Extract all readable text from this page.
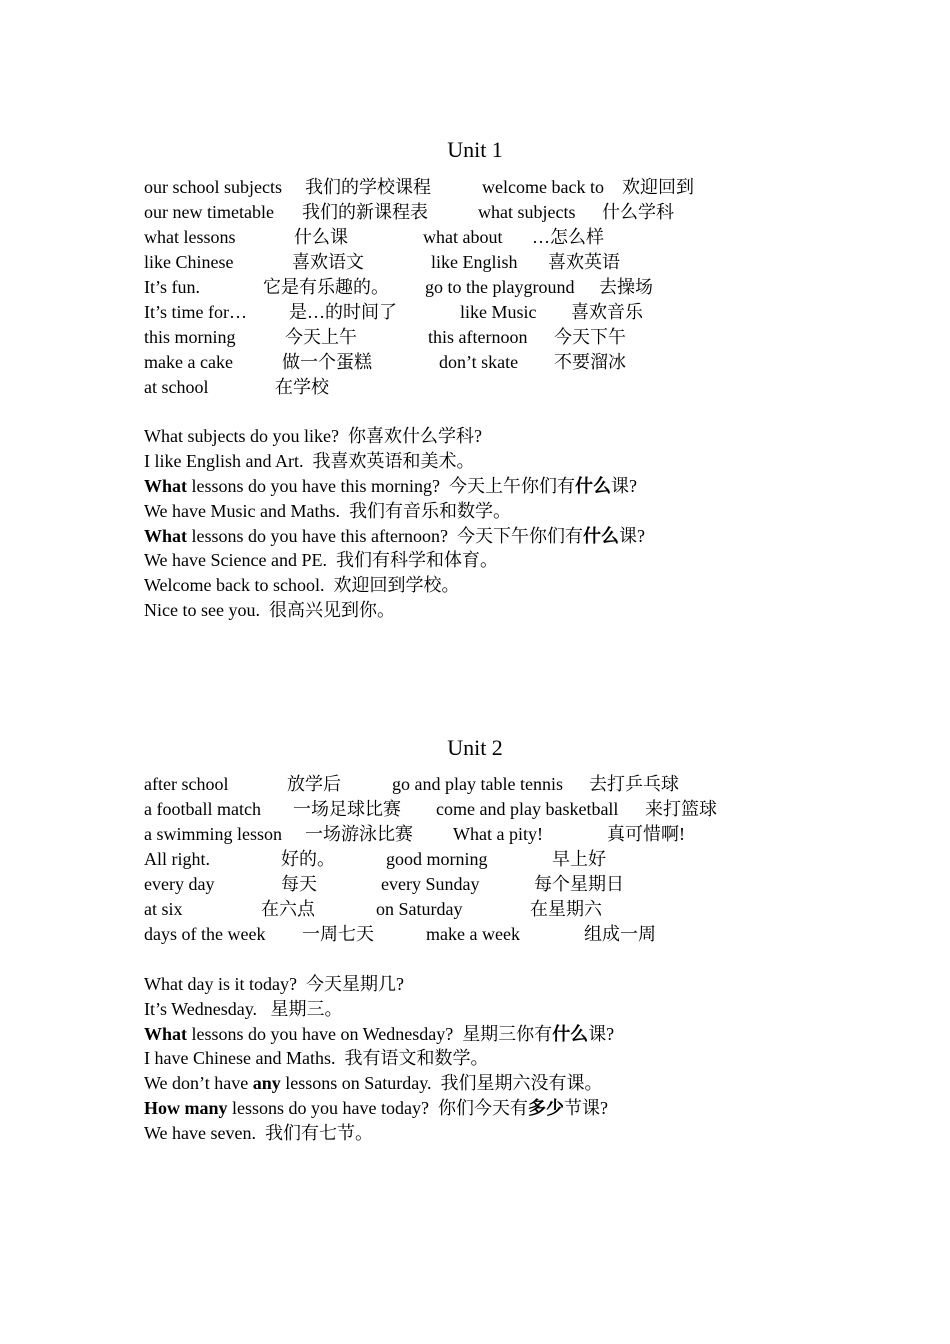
Unit 1
our school subjects 我们的学校课程	welcome back to 欢迎回到
our new timetable 我们的新课程表	what subjects 什么学科
what lessons	什么课	what about …怎么样
like Chinese	喜欢语文	like English 喜欢英语
It’s fun.	它是有乐趣的。 go to the playground 去操场
It’s time for… 是…的时间了	like Music 喜欢音乐
this morning	今天上午	this afternoon 今天下午
make a cake	做一个蛋糕	don’t skate 不要溜冰
at school	在学校
What subjects do you like? 你喜欢什么学科?
I like English and Art. 我喜欢英语和美术。
What lessons do you have this morning? 今天上午你们有什么课?
We have Music and Maths. 我们有音乐和数学。
What lessons do you have this afternoon? 今天下午你们有什么课?
We have Science and PE. 我们有科学和体育。
Welcome back to school. 欢迎回到学校。
Nice to see you. 很高兴见到你。
Unit 2
after school	放学后	go and play table tennis 去打乒乓球
a football match 一场足球比赛 come and play basketball 来打篮球
a swimming lesson 一场游泳比赛 What a pity!	真可惜啊!
All right.	好的。	good morning	早上好
every day	每天	every Sunday	每个星期日
at six	在六点	on Saturday	在星期六
days of the week 一周七天	make a week	组成一周
What day is it today? 今天星期几?
It’s Wednesday. 星期三。
What lessons do you have on Wednesday? 星期三你有什么课?
I have Chinese and Maths. 我有语文和数学。
We don’t have any lessons on Saturday. 我们星期六没有课。
How many lessons do you have today? 你们今天有多少节课?
We have seven. 我们有七节。
